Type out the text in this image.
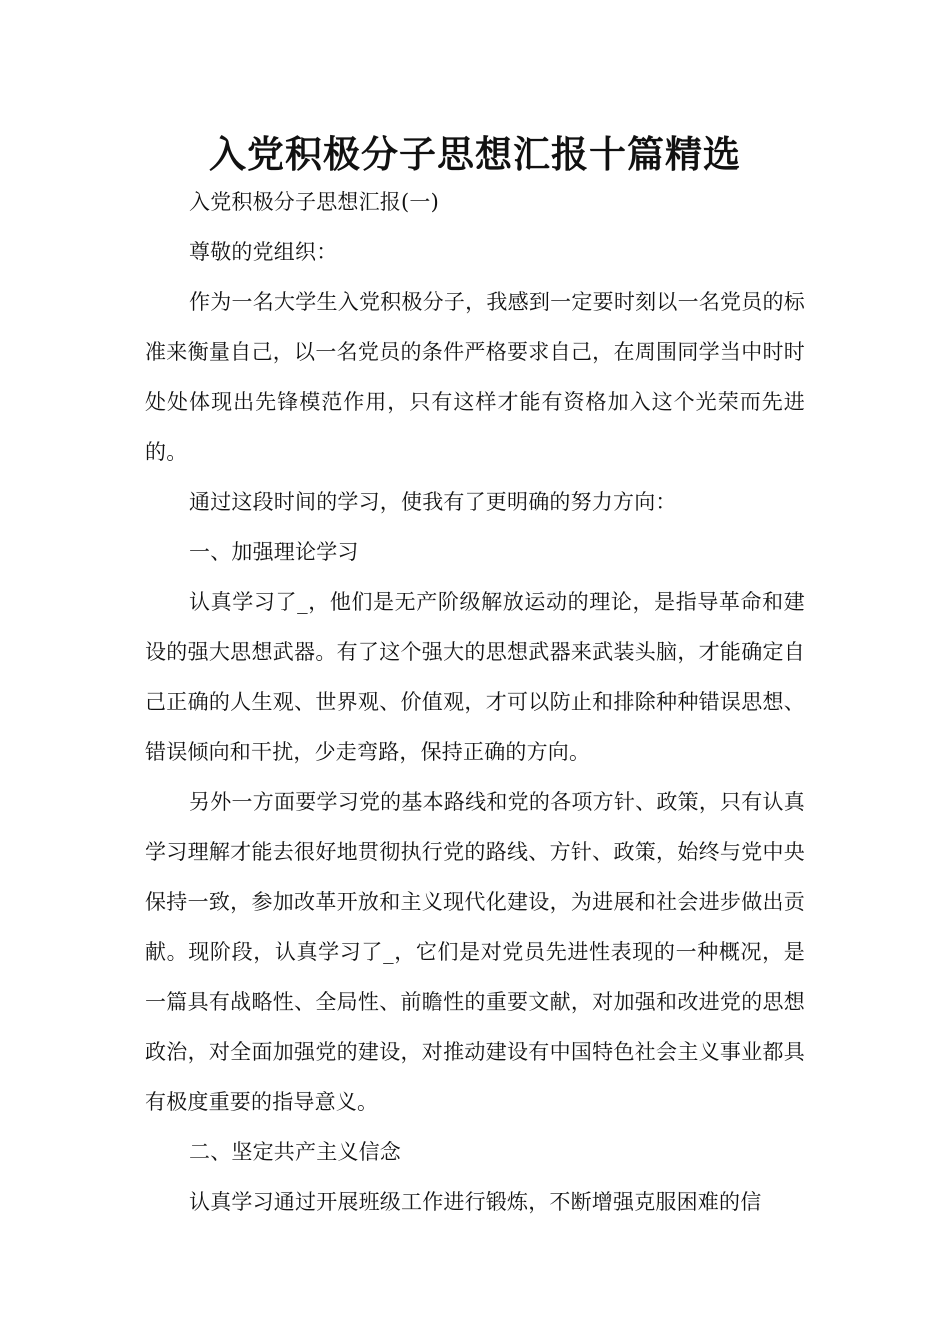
入党积极分子思想汇报十篇精选

入党积极分子思想汇报(一)

尊敬的党组织：

作为一名大学生入党积极分子，我感到一定要时刻以一名党员的标准来衡量自己，以一名党员的条件严格要求自己，在周围同学当中时时处处体现出先锋模范作用，只有这样才能有资格加入这个光荣而先进的。

通过这段时间的学习，使我有了更明确的努力方向：

一、加强理论学习

认真学习了_，他们是无产阶级解放运动的理论，是指导革命和建设的强大思想武器。有了这个强大的思想武器来武装头脑，才能确定自己正确的人生观、世界观、价值观，才可以防止和排除种种错误思想、错误倾向和干扰，少走弯路，保持正确的方向。

另外一方面要学习党的基本路线和党的各项方针、政策，只有认真学习理解才能去很好地贯彻执行党的路线、方针、政策，始终与党中央保持一致，参加改革开放和主义现代化建设，为进展和社会进步做出贡献。现阶段，认真学习了_，它们是对党员先进性表现的一种概况，是一篇具有战略性、全局性、前瞻性的重要文献，对加强和改进党的思想政治，对全面加强党的建设，对推动建设有中国特色社会主义事业都具有极度重要的指导意义。

二、坚定共产主义信念

认真学习通过开展班级工作进行锻炼，不断增强克服困难的信
